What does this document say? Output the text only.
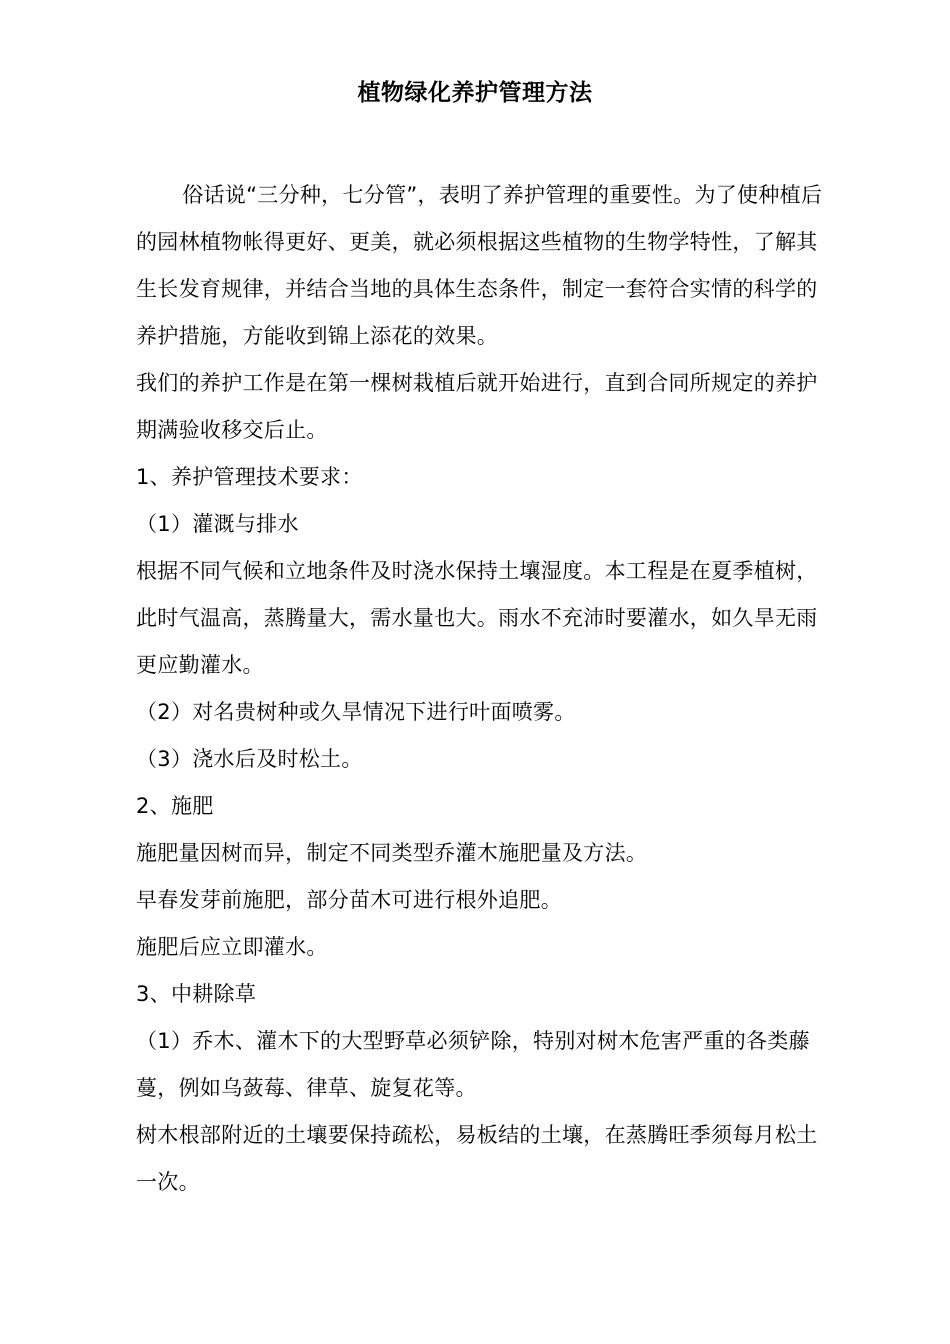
植物绿化养护管理方法

俗话说“三分种，七分管”，表明了养护管理的重要性。为了使种植后的园林植物帐得更好、更美，就必须根据这些植物的生物学特性，了解其生长发育规律，并结合当地的具体生态条件，制定一套符合实情的科学的养护措施，方能收到锦上添花的效果。

我们的养护工作是在第一棵树栽植后就开始进行，直到合同所规定的养护期满验收移交后止。

1、养护管理技术要求：

（1）灌溉与排水

根据不同气候和立地条件及时浇水保持土壤湿度。本工程是在夏季植树，此时气温高，蒸腾量大，需水量也大。雨水不充沛时要灌水，如久旱无雨更应勤灌水。

（2）对名贵树种或久旱情况下进行叶面喷雾。

（3）浇水后及时松土。

2、施肥

施肥量因树而异，制定不同类型乔灌木施肥量及方法。

早春发芽前施肥，部分苗木可进行根外追肥。

施肥后应立即灌水。

3、中耕除草

（1）乔木、灌木下的大型野草必须铲除，特别对树木危害严重的各类藤蔓，例如乌蔹莓、律草、旋复花等。

树木根部附近的土壤要保持疏松，易板结的土壤，在蒸腾旺季须每月松土一次。
